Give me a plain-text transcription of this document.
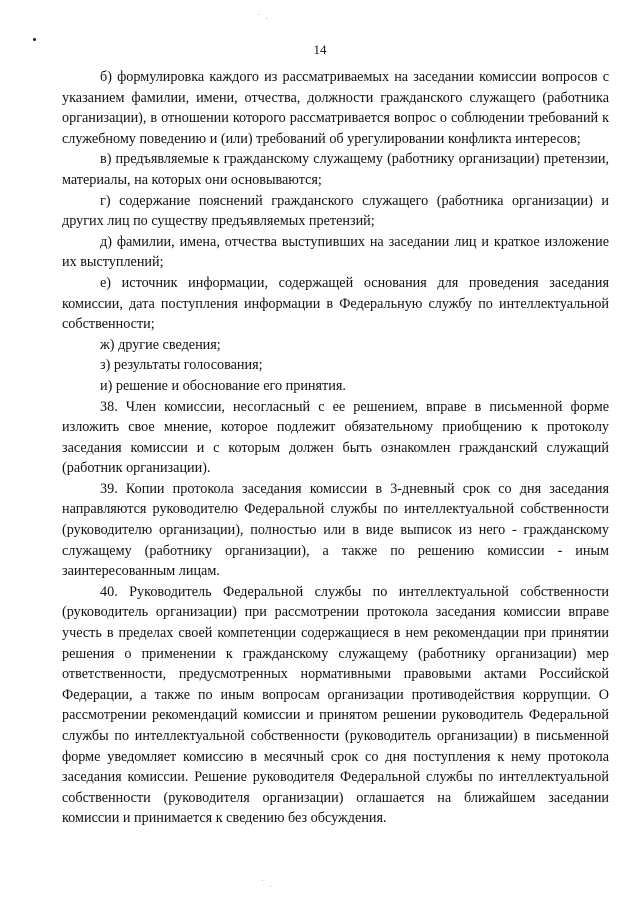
14

б) формулировка каждого из рассматриваемых на заседании комиссии вопросов с указанием фамилии, имени, отчества, должности гражданского служащего (работника организации), в отношении которого рассматривается вопрос о соблюдении требований к служебному поведению и (или) требований об урегулировании конфликта интересов;

в) предъявляемые к гражданскому служащему (работнику организации) претензии, материалы, на которых они основываются;

г) содержание пояснений гражданского служащего (работника организации) и других лиц по существу предъявляемых претензий;

д) фамилии, имена, отчества выступивших на заседании лиц и краткое изложение их выступлений;

е) источник информации, содержащей основания для проведения заседания комиссии, дата поступления информации в Федеральную службу по интеллектуальной собственности;

ж) другие сведения;

з) результаты голосования;

и) решение и обоснование его принятия.

38. Член комиссии, несогласный с ее решением, вправе в письменной форме изложить свое мнение, которое подлежит обязательному приобщению к протоколу заседания комиссии и с которым должен быть ознакомлен гражданский служащий (работник организации).

39. Копии протокола заседания комиссии в 3-дневный срок со дня заседания направляются руководителю Федеральной службы по интеллектуальной собственности (руководителю организации), полностью или в виде выписок из него - гражданскому служащему (работнику организации), а также по решению комиссии - иным заинтересованным лицам.

40. Руководитель Федеральной службы по интеллектуальной собственности (руководитель организации) при рассмотрении протокола заседания комиссии вправе учесть в пределах своей компетенции содержащиеся в нем рекомендации при принятии решения о применении к гражданскому служащему (работнику организации) мер ответственности, предусмотренных нормативными правовыми актами Российской Федерации, а также по иным вопросам организации противодействия коррупции. О рассмотрении рекомендаций комиссии и принятом решении руководитель Федеральной службы по интеллектуальной собственности (руководитель организации) в письменной форме уведомляет комиссию в месячный срок со дня поступления к нему протокола заседания комиссии. Решение руководителя Федеральной службы по интеллектуальной собственности (руководителя организации) оглашается на ближайшем заседании комиссии и принимается к сведению без обсуждения.
